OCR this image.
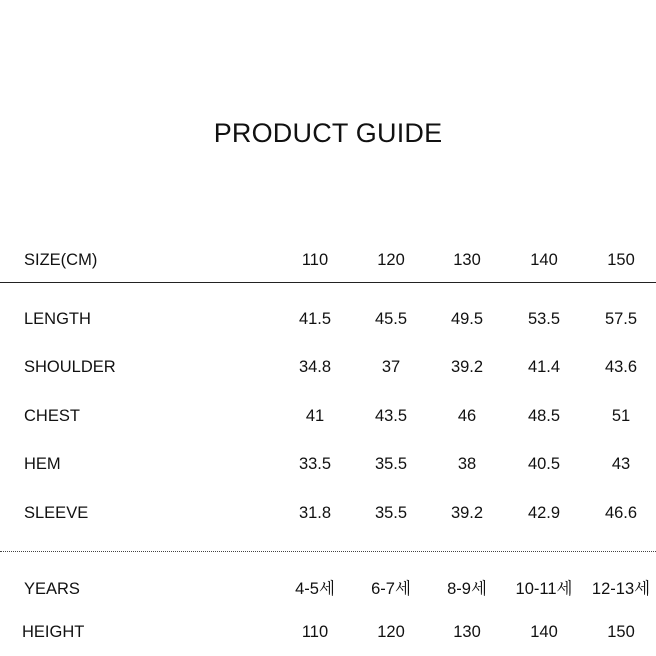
PRODUCT GUIDE
SIZE(CM)	110	120	130	140	150
LENGTH	41.5	45.5	49.5	53.5	57.5
SHOULDER	34.8	37	39.2	41.4	43.6
CHEST	41	43.5	46	48.5	51
HEM	33.5	35.5	38	40.5	43
SLEEVE	31.8	35.5	39.2	42.9	46.6
YEARS	4-5세	6-7세	8-9세	10-11세	12-13세
HEIGHT	110	120	130	140	150
